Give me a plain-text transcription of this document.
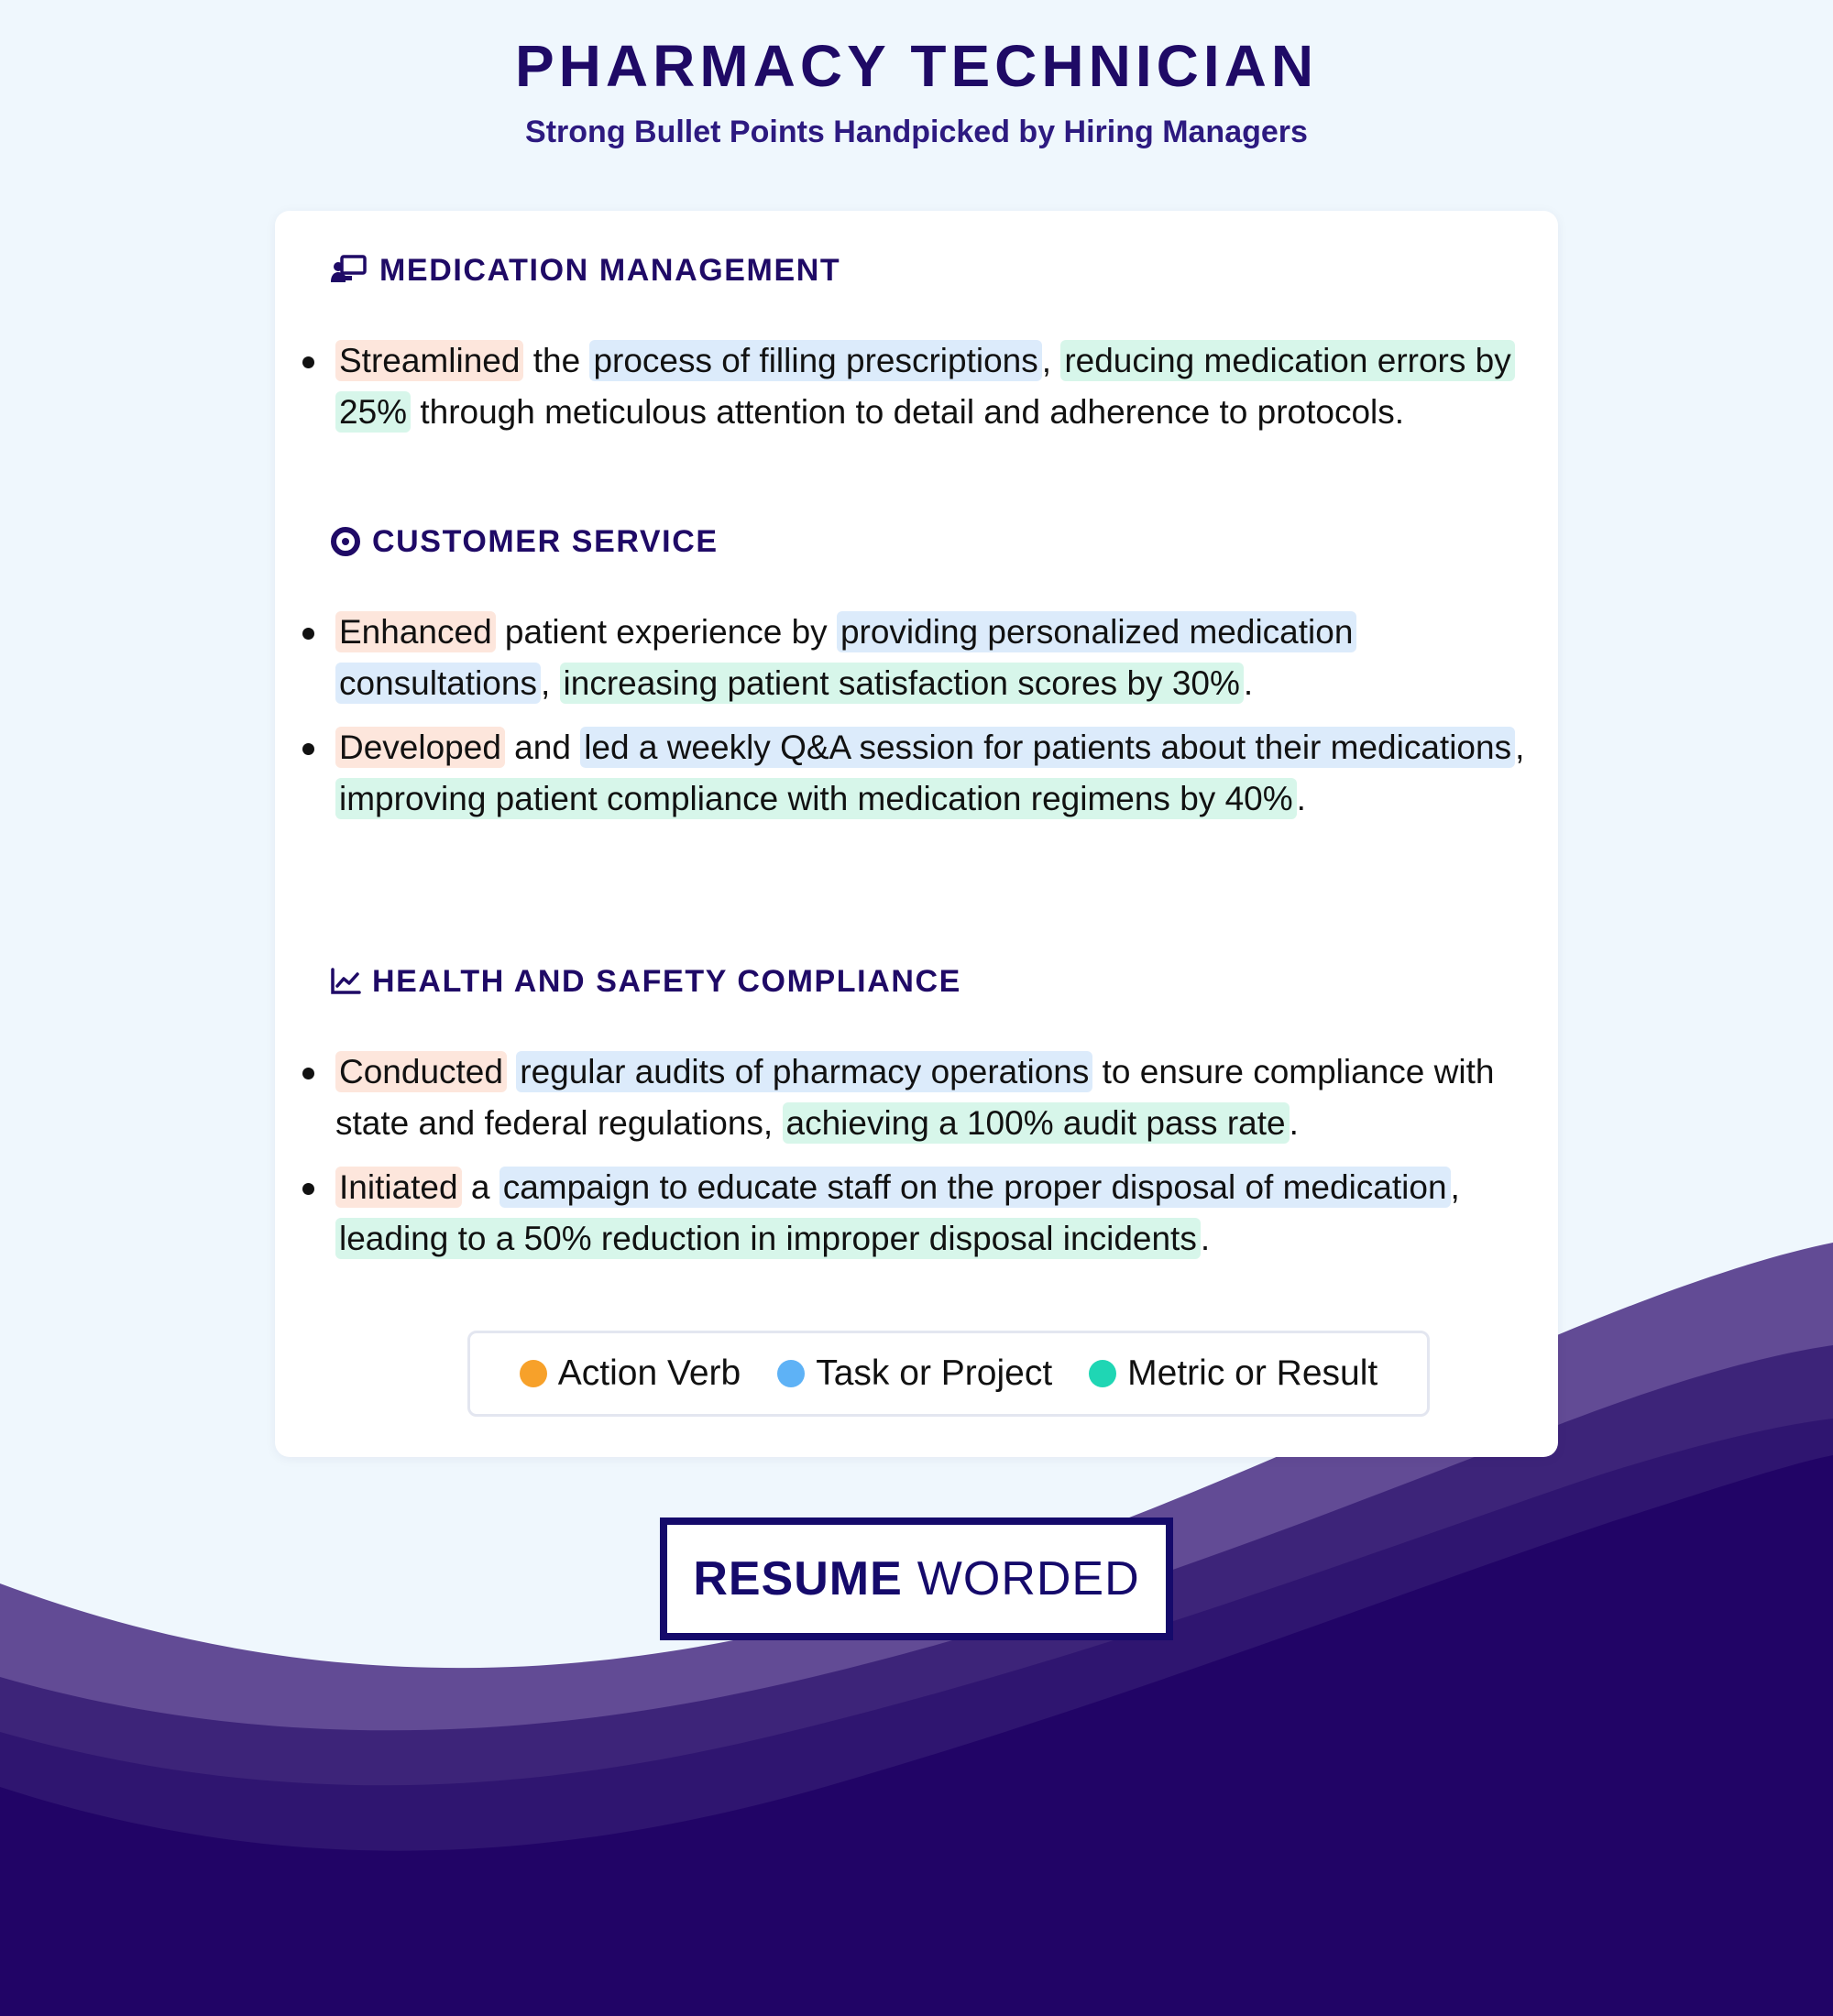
PHARMACY TECHNICIAN
Strong Bullet Points Handpicked by Hiring Managers
MEDICATION MANAGEMENT
Streamlined the process of filling prescriptions , reducing medication errors by 25% through meticulous attention to detail and adherence to protocols.
CUSTOMER SERVICE
Enhanced patient experience by providing personalized medication consultations , increasing patient satisfaction scores by 30% .
Developed and led a weekly Q&A session for patients about their medications , improving patient compliance with medication regimens by 40% .
HEALTH AND SAFETY COMPLIANCE
Conducted regular audits of pharmacy operations to ensure compliance with state and federal regulations, achieving a 100% audit pass rate .
Initiated a campaign to educate staff on the proper disposal of medication , leading to a 50% reduction in improper disposal incidents .
Action Verb Task or Project Metric or Result
RESUME WORDED
